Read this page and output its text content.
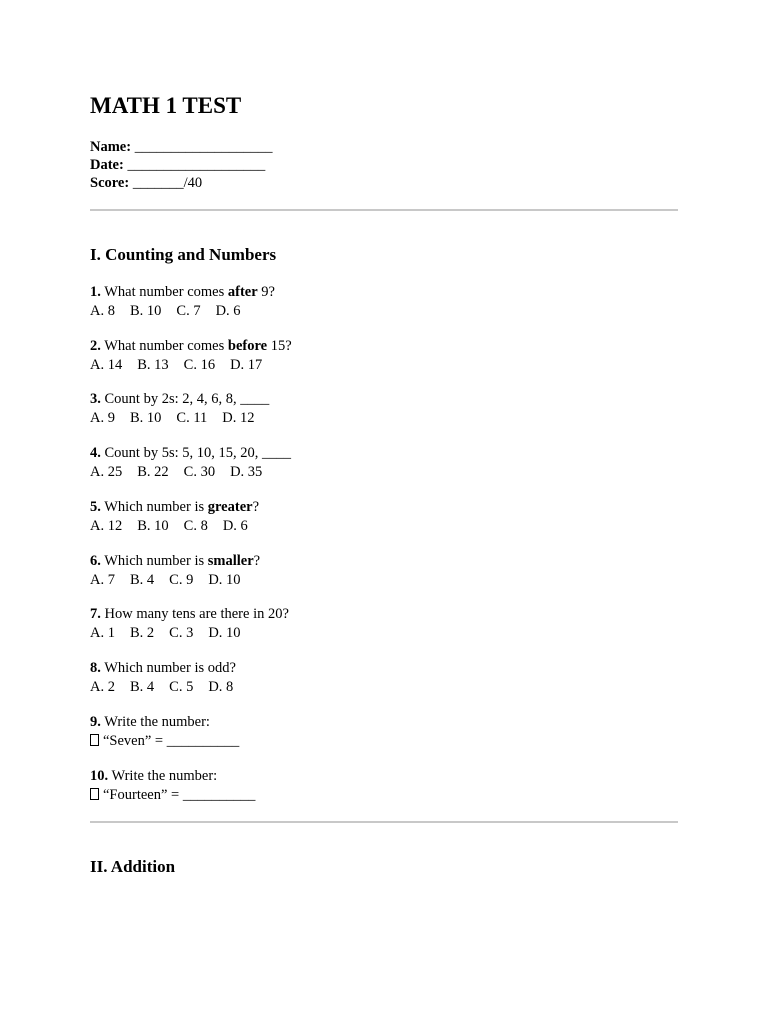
MATH 1 TEST
Name: ___________________
Date: ___________________
Score: _______/40
I. Counting and Numbers
1. What number comes after 9?
A. 8 B. 10 C. 7 D. 6
2. What number comes before 15?
A. 14 B. 13 C. 16 D. 17
3. Count by 2s: 2, 4, 6, 8, ____
A. 9 B. 10 C. 11 D. 12
4. Count by 5s: 5, 10, 15, 20, ____
A. 25 B. 22 C. 30 D. 35
5. Which number is greater?
A. 12 B. 10 C. 8 D. 6
6. Which number is smaller?
A. 7 B. 4 C. 9 D. 10
7. How many tens are there in 20?
A. 1 B. 2 C. 3 D. 10
8. Which number is odd?
A. 2 B. 4 C. 5 D. 8
9. Write the number:
“Seven” = __________
10. Write the number:
“Fourteen” = __________
II. Addition
